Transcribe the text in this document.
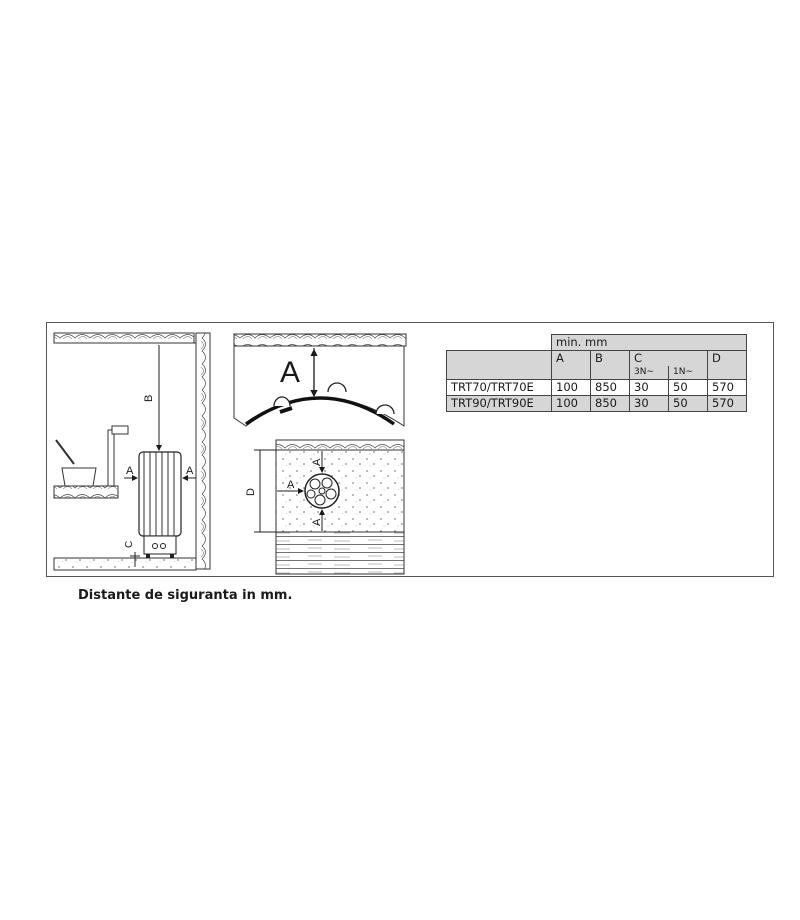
B
A	A
C
A
A
A
A
D
	min. mm				
	A	B	C		D
			3N∼	1N∼	
TRT70/TRT70E	100	850	30	50	570
TRT90/TRT90E	100	850	30	50	570
Distante de siguranta in mm.
